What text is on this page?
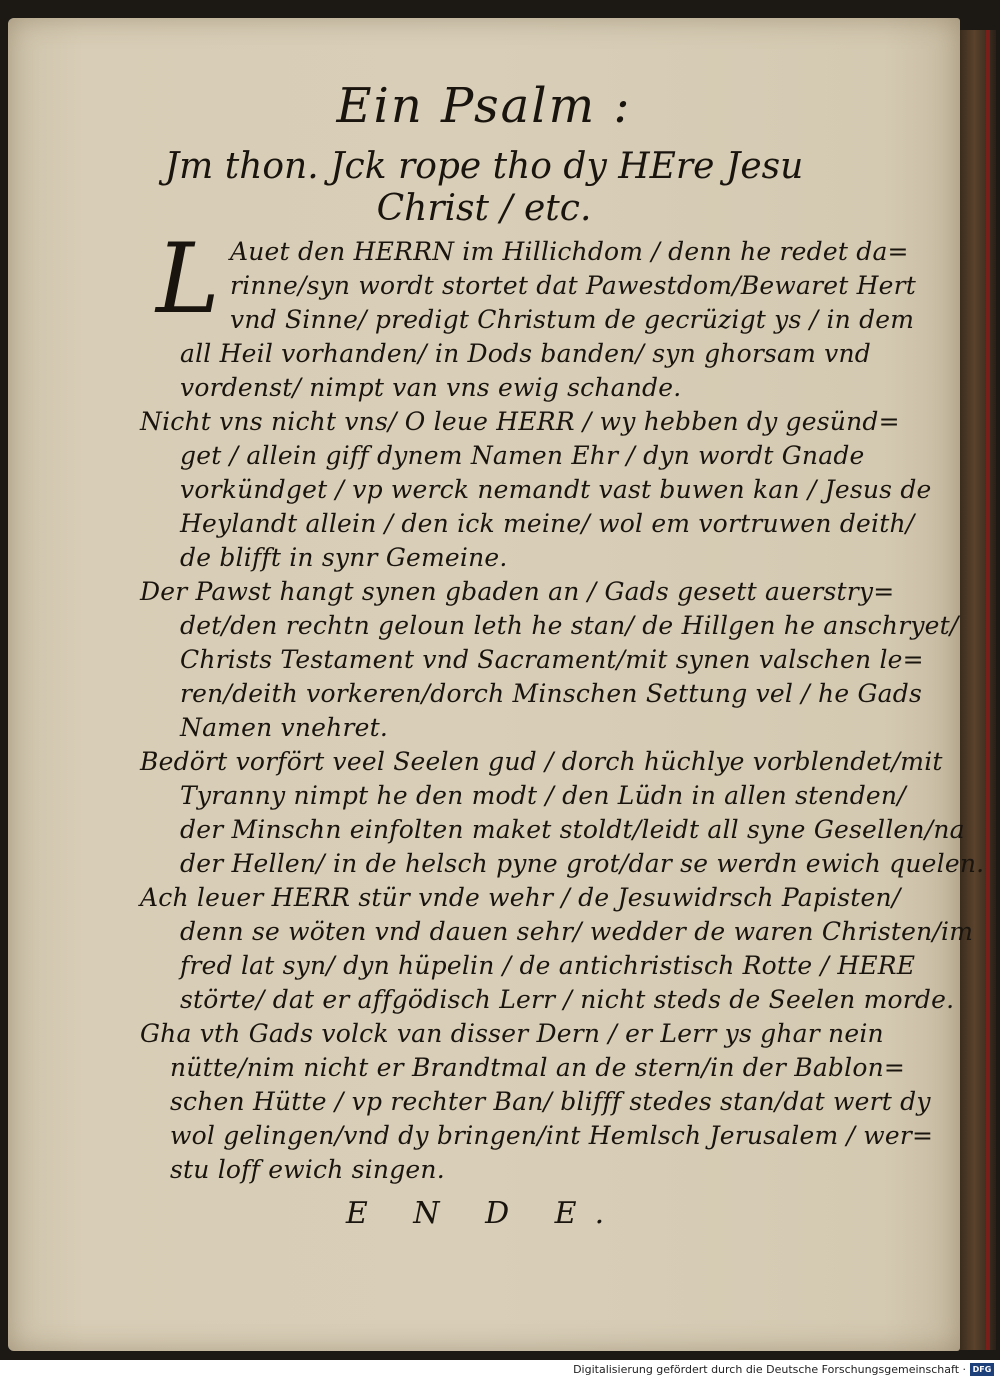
Ein Psalm :
Jm thon. Jck rope tho dy HEre Jesu
Christ / etc.
L Auet den HERRN im Hillichdom / denn he redet da=
rinne/syn wordt stortet dat Pawestdom/Bewaret Hert
vnd Sinne/ predigt Christum de gecrüzigt ys / in dem
all Heil vorhanden/ in Dods banden/ syn ghorsam vnd
vordenst/ nimpt van vns ewig schande.
Nicht vns nicht vns/ O leue HERR / wy hebben dy gesünd=
get / allein giff dynem Namen Ehr / dyn wordt Gnade
vorkündget / vp werck nemandt vast buwen kan / Jesus de
Heylandt allein / den ick meine/ wol em vortruwen deith/
de blifft in synr Gemeine.
Der Pawst hangt synen gbaden an / Gads gesett auerstry=
det/den rechtn geloun leth he stan/ de Hillgen he anschryet/
Christs Testament vnd Sacrament/mit synen valschen le=
ren/deith vorkeren/dorch Minschen Settung vel / he Gads
Namen vnehret.
Bedört vorfört veel Seelen gud / dorch hüchlye vorblendet/mit
Tyranny nimpt he den modt / den Lüdn in allen stenden/
der Minschn einfolten maket stoldt/leidt all syne Gesellen/na
der Hellen/ in de helsch pyne grot/dar se werdn ewich quelen.
Ach leuer HERR stür vnde wehr / de Jesuwidrsch Papisten/
denn se wöten vnd dauen sehr/ wedder de waren Christen/im
fred lat syn/ dyn hüpelin / de antichristisch Rotte / HERE
störte/ dat er affgödisch Lerr / nicht steds de Seelen morde.
Gha vth Gads volck van disser Dern / er Lerr ys ghar nein
nütte/nim nicht er Brandtmal an de stern/in der Bablon=
schen Hütte / vp rechter Ban/ blifff stedes stan/dat wert dy
wol gelingen/vnd dy bringen/int Hemlsch Jerusalem / wer=
stu loff ewich singen.
E N D E.
Digitalisierung gefördert durch die Deutsche Forschungsgemeinschaft · DFG
